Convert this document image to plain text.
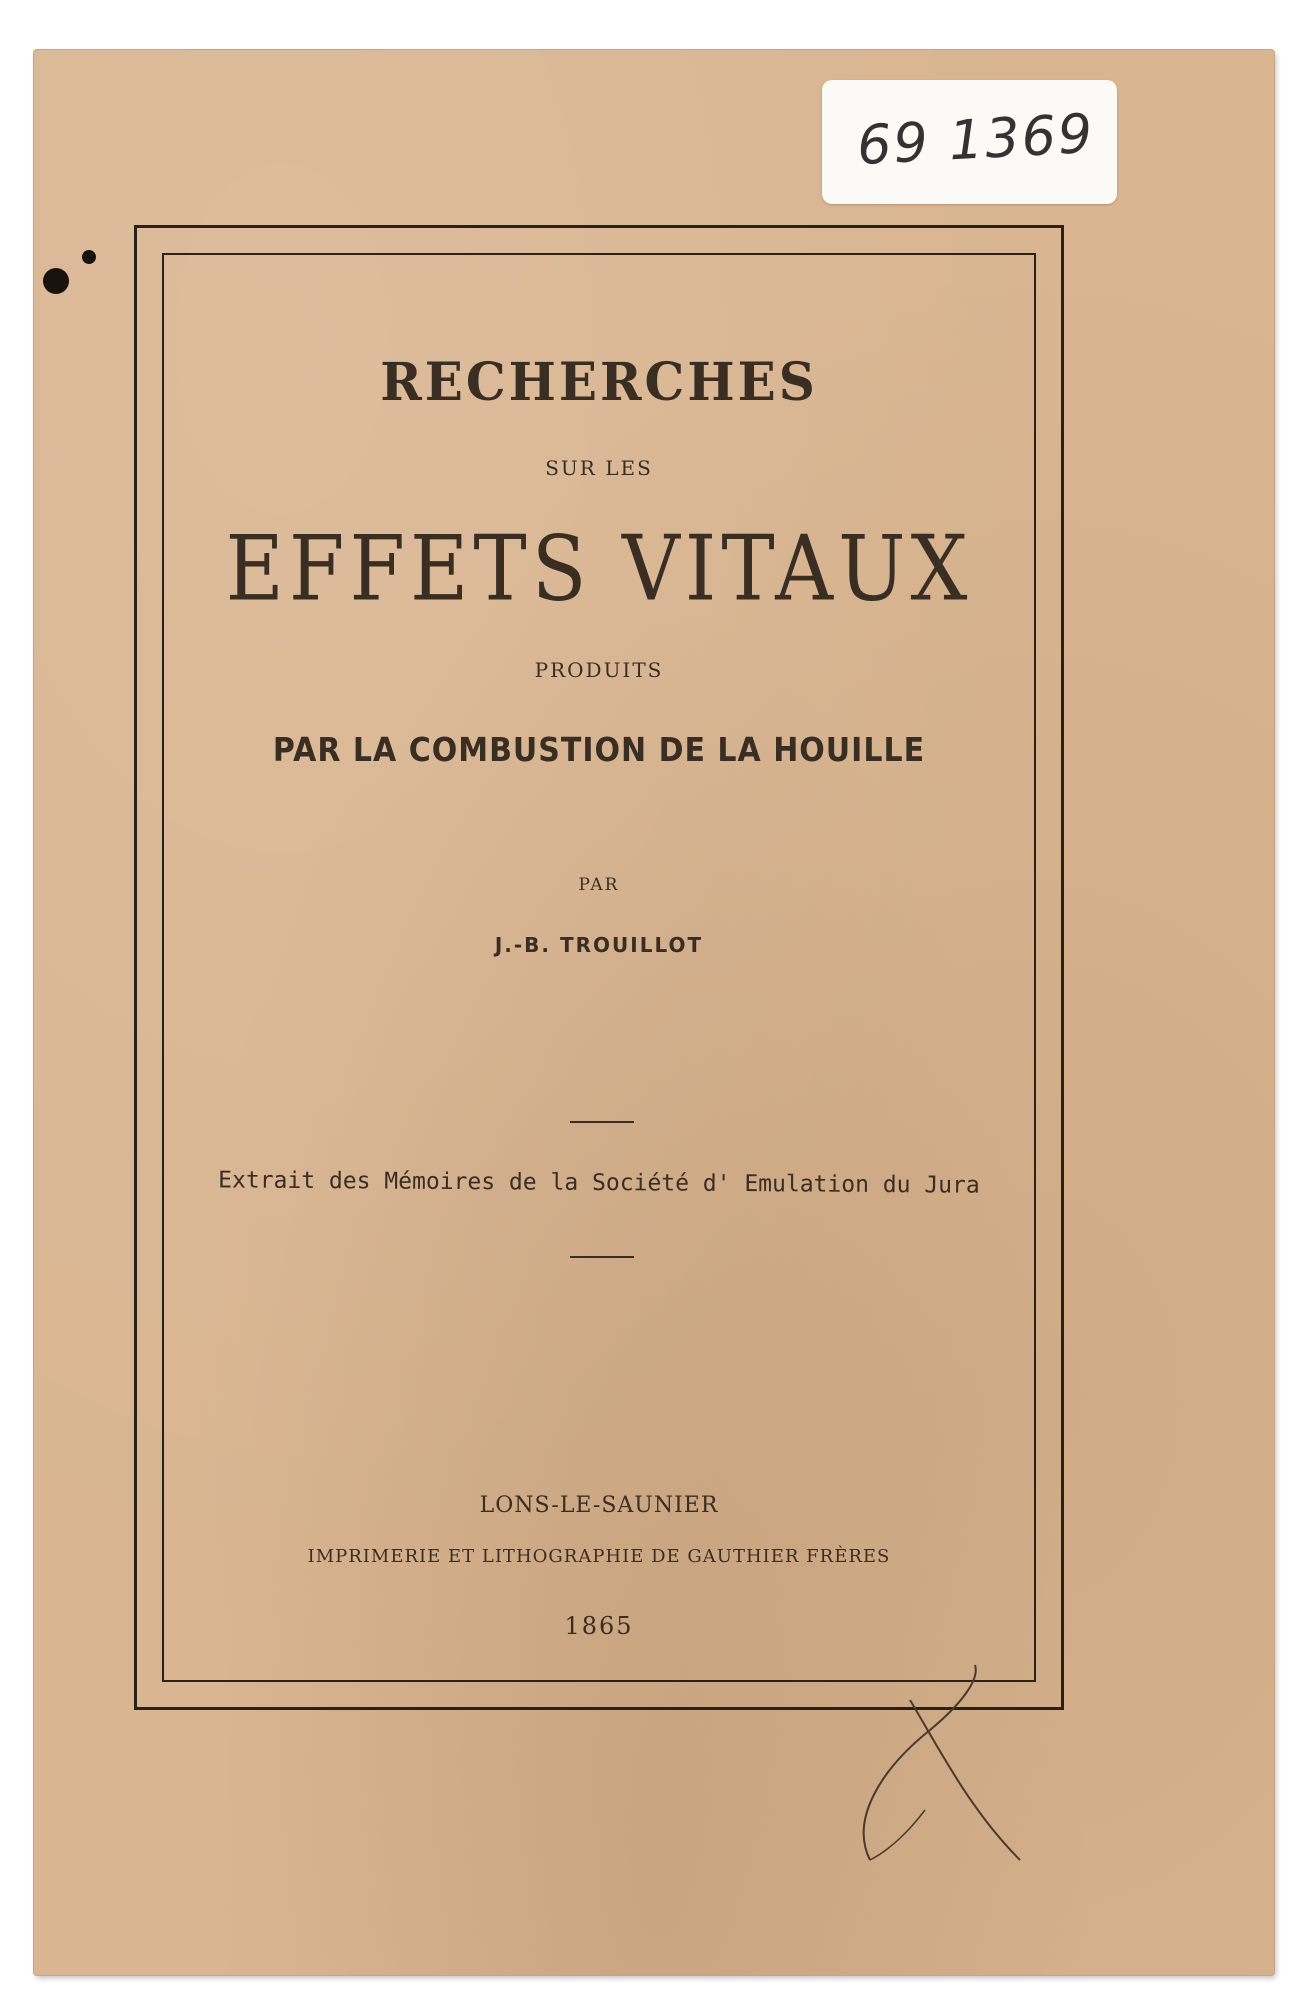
69 1369
RECHERCHES
SUR LES
EFFETS VITAUX
PRODUITS
PAR LA COMBUSTION DE LA HOUILLE
PAR
J.-B. TROUILLOT
Extrait des Mémoires de la Société d' Emulation du Jura
LONS-LE-SAUNIER
IMPRIMERIE ET LITHOGRAPHIE DE GAUTHIER FRÈRES
1865
